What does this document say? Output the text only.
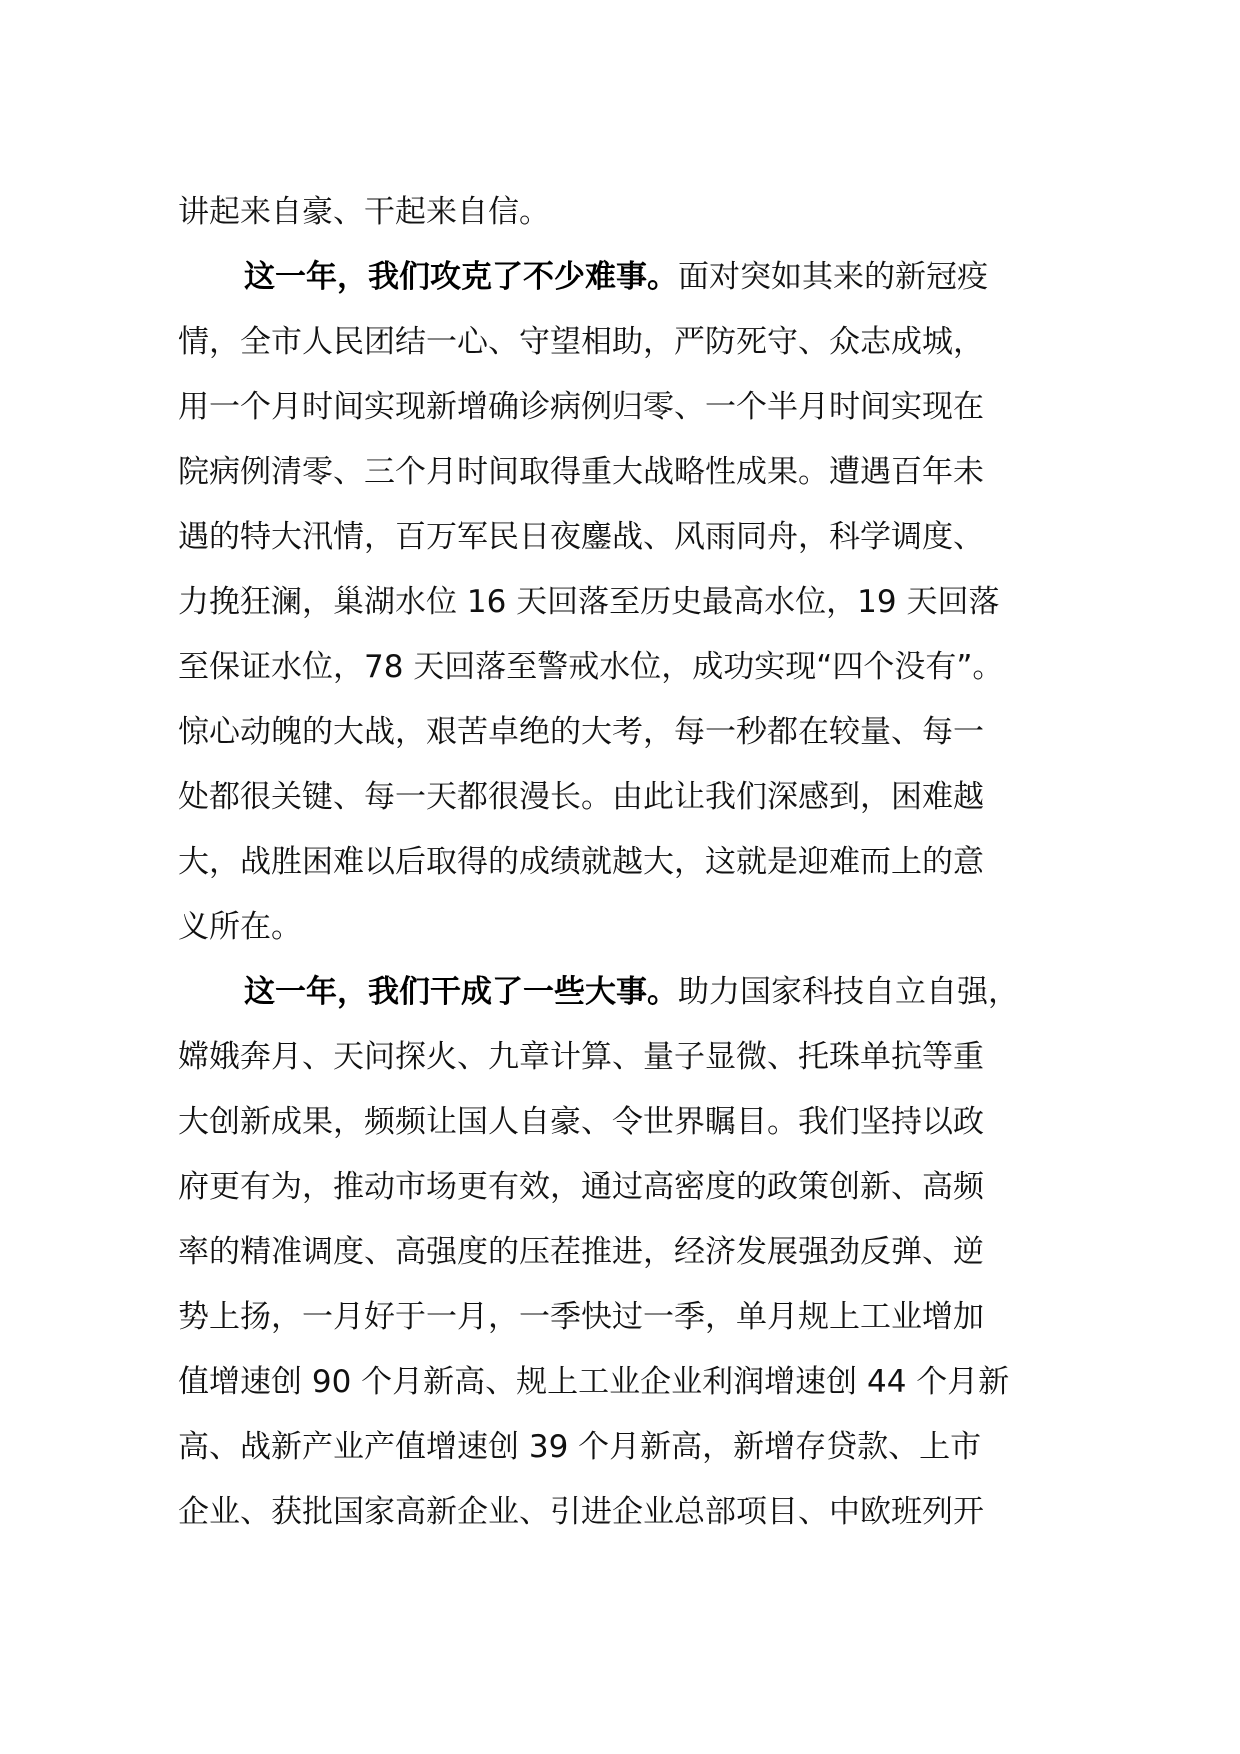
讲起来自豪、干起来自信。
这一年，我们攻克了不少难事。面对突如其来的新冠疫
情，全市人民团结一心、守望相助，严防死守、众志成城，
用一个月时间实现新增确诊病例归零、一个半月时间实现在
院病例清零、三个月时间取得重大战略性成果。遭遇百年未
遇的特大汛情，百万军民日夜鏖战、风雨同舟，科学调度、
力挽狂澜，巢湖水位 16 天回落至历史最高水位，19 天回落
至保证水位，78 天回落至警戒水位，成功实现“四个没有”。
惊心动魄的大战，艰苦卓绝的大考，每一秒都在较量、每一
处都很关键、每一天都很漫长。由此让我们深感到，困难越
大，战胜困难以后取得的成绩就越大，这就是迎难而上的意
义所在。
这一年，我们干成了一些大事。助力国家科技自立自强，
嫦娥奔月、天问探火、九章计算、量子显微、托珠单抗等重
大创新成果，频频让国人自豪、令世界瞩目。我们坚持以政
府更有为，推动市场更有效，通过高密度的政策创新、高频
率的精准调度、高强度的压茬推进，经济发展强劲反弹、逆
势上扬，一月好于一月，一季快过一季，单月规上工业增加
值增速创 90 个月新高、规上工业企业利润增速创 44 个月新
高、战新产业产值增速创 39 个月新高，新增存贷款、上市
企业、获批国家高新企业、引进企业总部项目、中欧班列开
